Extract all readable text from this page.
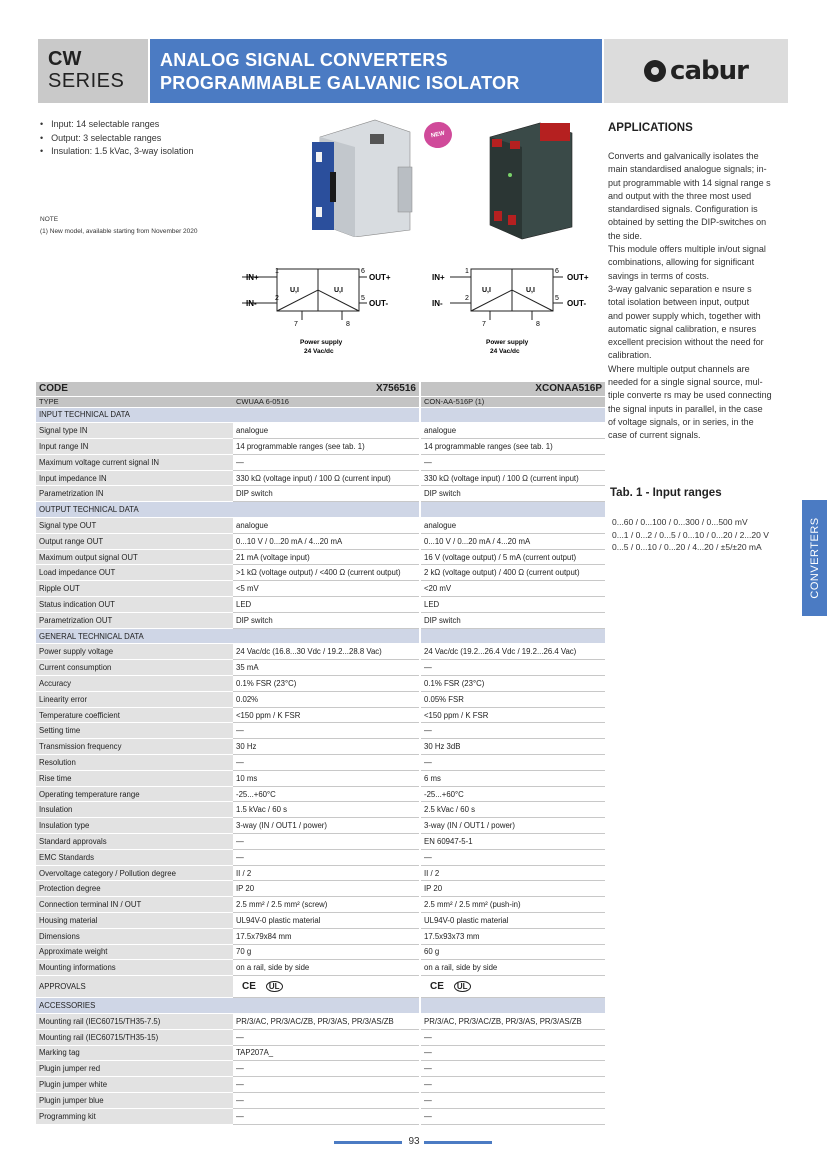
CW
SERIES
ANALOG SIGNAL CONVERTERS
PROGRAMMABLE GALVANIC ISOLATOR	cabur
• Input: 14 selectable ranges
• Output: 3 selectable ranges
• Insulation: 1.5 kVac, 3-way isolation
NOTE
(1) New model, available starting from November 2020
NEW
IN+
IN-
OUT+
OUT-
1
2
6
5
7	8
U,I	U,I
Power supply
24 Vac/dc
IN+
IN-
OUT+
OUT-
1
2
6
5
7	8
U,I	U,I
Power supply
24 Vac/dc
APPLICATIONS
Converts and galvanically isolates the
main standardised analogue signals; in-
put programmable with 14 signal range s
and output with the three most used
standardised signals. Configuration is
obtained by setting the DIP-switches on
the side.
This module offers multiple in/out signal
combinations, allowing for significant
savings in terms of costs.
3-way galvanic separation e nsure s
total isolation between input, output
and power supply which, together with
automatic signal calibration, e nsures
excellent precision without the need for
calibration.
Where multiple output channels are
needed for a single signal source, mul-
tiple converte rs may be used connecting
the signal inputs in parallel, in the case
of voltage signals, or in series, in the
case of current signals.
Tab. 1 - Input ranges
0...60 / 0...100 / 0...300 / 0...500 mV
0...1 / 0...2 / 0...5 / 0...10 / 0...20 / 2...20 V
0...5 / 0...10 / 0...20 / 4...20 / ±5/±20 mA	CONVERTERS
CODE	X756516	XCONAA516P
TYPE	CWUAA 6-0516	CON-AA-516P (1)
INPUT TECHNICAL DATA		
Signal type IN	analogue	analogue
Input range IN	14 programmable ranges (see tab. 1)	14 programmable ranges (see tab. 1)
Maximum voltage current signal IN	—	—
Input impedance IN	330 kΩ (voltage input) / 100 Ω (current input)	330 kΩ (voltage input) / 100 Ω (current input)
Parametrization IN	DIP switch	DIP switch
OUTPUT TECHNICAL DATA		
Signal type OUT	analogue	analogue
Output range OUT	0...10 V / 0...20 mA / 4...20 mA	0...10 V / 0...20 mA / 4...20 mA
Maximum output signal OUT	21 mA (voltage input)	16 V (voltage output) / 5 mA (current output)
Load impedance OUT	>1 kΩ (voltage output) / <400 Ω (current output)	2 kΩ (voltage output) / 400 Ω (current output)
Ripple OUT	<5 mV	<20 mV
Status indication OUT	LED	LED
Parametrization OUT	DIP switch	DIP switch
GENERAL TECHNICAL DATA		
Power supply voltage	24 Vac/dc (16.8...30 Vdc / 19.2...28.8 Vac)	24 Vac/dc (19.2...26.4 Vdc / 19.2...26.4 Vac)
Current consumption	35 mA	—
Accuracy	0.1% FSR (23°C)	0.1% FSR (23°C)
Linearity error	0.02%	0.05% FSR
Temperature coefficient	<150 ppm / K FSR	<150 ppm / K FSR
Setting time	—	—
Transmission frequency	30 Hz	30 Hz 3dB
Resolution	—	—
Rise time	10 ms	6 ms
Operating temperature range	-25...+60°C	-25...+60°C
Insulation	1.5 kVac / 60 s	2.5 kVac / 60 s
Insulation type	3-way (IN / OUT1 / power)	3-way (IN / OUT1 / power)
Standard approvals	—	EN 60947-5-1
EMC Standards	—	—
Overvoltage category / Pollution degree	II / 2	II / 2
Protection degree	IP 20	IP 20
Connection terminal IN / OUT	2.5 mm² / 2.5 mm² (screw)	2.5 mm² / 2.5 mm² (push-in)
Housing material	UL94V-0 plastic material	UL94V-0 plastic material
Dimensions	17.5x79x84 mm	17.5x93x73 mm
Approximate weight	70 g	60 g
Mounting informations	on a rail, side by side	on a rail, side by side
APPROVALS	CE UL	CE UL
ACCESSORIES		
Mounting rail (IEC60715/TH35-7.5)	PR/3/AC, PR/3/AC/ZB, PR/3/AS, PR/3/AS/ZB	PR/3/AC, PR/3/AC/ZB, PR/3/AS, PR/3/AS/ZB
Mounting rail (IEC60715/TH35-15)	—	—
Marking tag	TAP207A_	—
Plugin jumper red	—	—
Plugin jumper white	—	—
Plugin jumper blue	—	—
Programming kit	—	—
93
